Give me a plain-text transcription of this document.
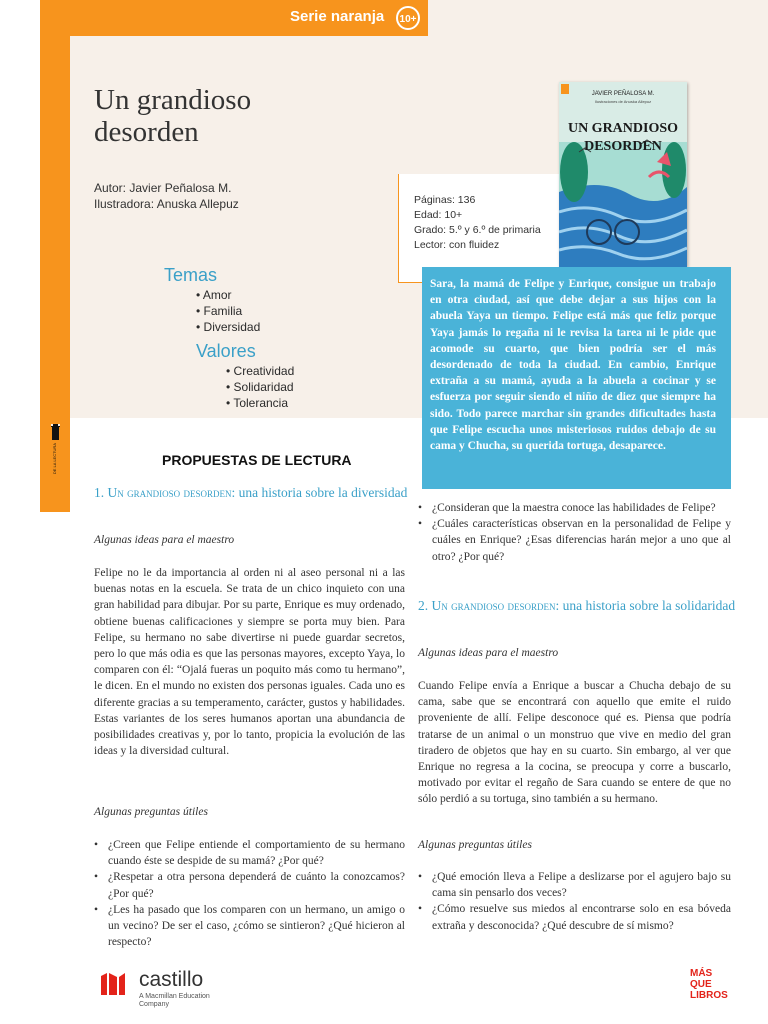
Serie naranja	10+
CASTILLO DE LA LECTURA
Un grandioso
desorden
Autor: Javier Peñalosa M.
Ilustradora: Anuska Allepuz
Temas
• Amor
• Familia
• Diversidad
Valores
• Creatividad
• Solidaridad
• Tolerancia
Páginas: 136
Edad: 10+
Grado: 5.º y 6.º de primaria
Lector: con fluidez
JAVIER PEÑALOSA M.
Ilustraciones de Anuska Allepuz
UN GRANDIOSO
DESORDEN

Sara, la mamá de Felipe y Enrique, consigue un trabajo en otra ciudad, así que debe dejar a sus hijos con la abuela Yaya un tiempo. Felipe está más que feliz porque Yaya jamás lo regaña ni le revisa la tarea ni le pide que acomode su cuarto, que bien podría ser el más desordenado de toda la ciudad. En cambio, Enrique extraña a su mamá, ayuda a la abuela a cocinar y se esfuerza por seguir siendo el niño de diez que siempre ha sido. Todo parece marchar sin grandes dificultades hasta que Felipe escucha unos misteriosos ruidos debajo de su cama y Chucha, su querida tortuga, desaparece.

PROPUESTAS DE LECTURA
1. Un grandioso desorden: una historia sobre la diversidad
Algunas ideas para el maestro

Felipe no le da importancia al orden ni al aseo personal ni a las buenas notas en la escuela. Se trata de un chico inquieto con una gran habilidad para dibujar. Por su parte, Enrique es muy ordenado, obtiene buenas calificaciones y siempre se porta muy bien. Para Felipe, su hermano no sabe divertirse ni puede guardar secretos, pero lo que más odia es que las personas mayores, excepto Yaya, lo comparen con él: “Ojalá fueras un poquito más como tu hermano”, le dicen. En el mundo no existen dos personas iguales. Cada uno es diferente gracias a su temperamento, carácter, gustos y habilidades. Estas variantes de los seres humanos aportan una abundancia de posibilidades creativas y, por lo tanto, propicia la evolución de las ideas y la diversidad cultural.

Algunas preguntas útiles
• ¿Creen que Felipe entiende el comportamiento de su hermano cuando éste se despide de su mamá? ¿Por qué?
• ¿Respetar a otra persona dependerá de cuánto la conozcamos? ¿Por qué?
• ¿Les ha pasado que los comparen con un hermano, un amigo o un vecino? De ser el caso, ¿cómo se sintieron? ¿Qué hicieron al respecto?
• ¿Consideran que la maestra conoce las habilidades de Felipe?
• ¿Cuáles características observan en la personalidad de Felipe y cuáles en Enrique? ¿Esas diferencias harán mejor a uno que al otro? ¿Por qué?
2. Un grandioso desorden: una historia sobre la solidaridad
Algunas ideas para el maestro

Cuando Felipe envía a Enrique a buscar a Chucha debajo de su cama, sabe que se encontrará con aquello que emite el ruido proveniente de allí. Felipe desconoce qué es. Piensa que podría tratarse de un animal o un monstruo que vive en medio del gran tiradero de objetos que hay en su cuarto. Sin embargo, al ver que Enrique no regresa a la cocina, se preocupa y corre a buscarlo, motivado por evitar el regaño de Sara cuando se entere de que no sólo perdió a su tortuga, sino también a su hermano.

Algunas preguntas útiles
• ¿Qué emoción lleva a Felipe a deslizarse por el agujero bajo su cama sin pensarlo dos veces?
• ¿Cómo resuelve sus miedos al encontrarse solo en esa bóveda extraña y desconocida? ¿Qué descubre de sí mismo?
castillo
A Macmillan Education
Company
MÁS
QUE
LIBROS
